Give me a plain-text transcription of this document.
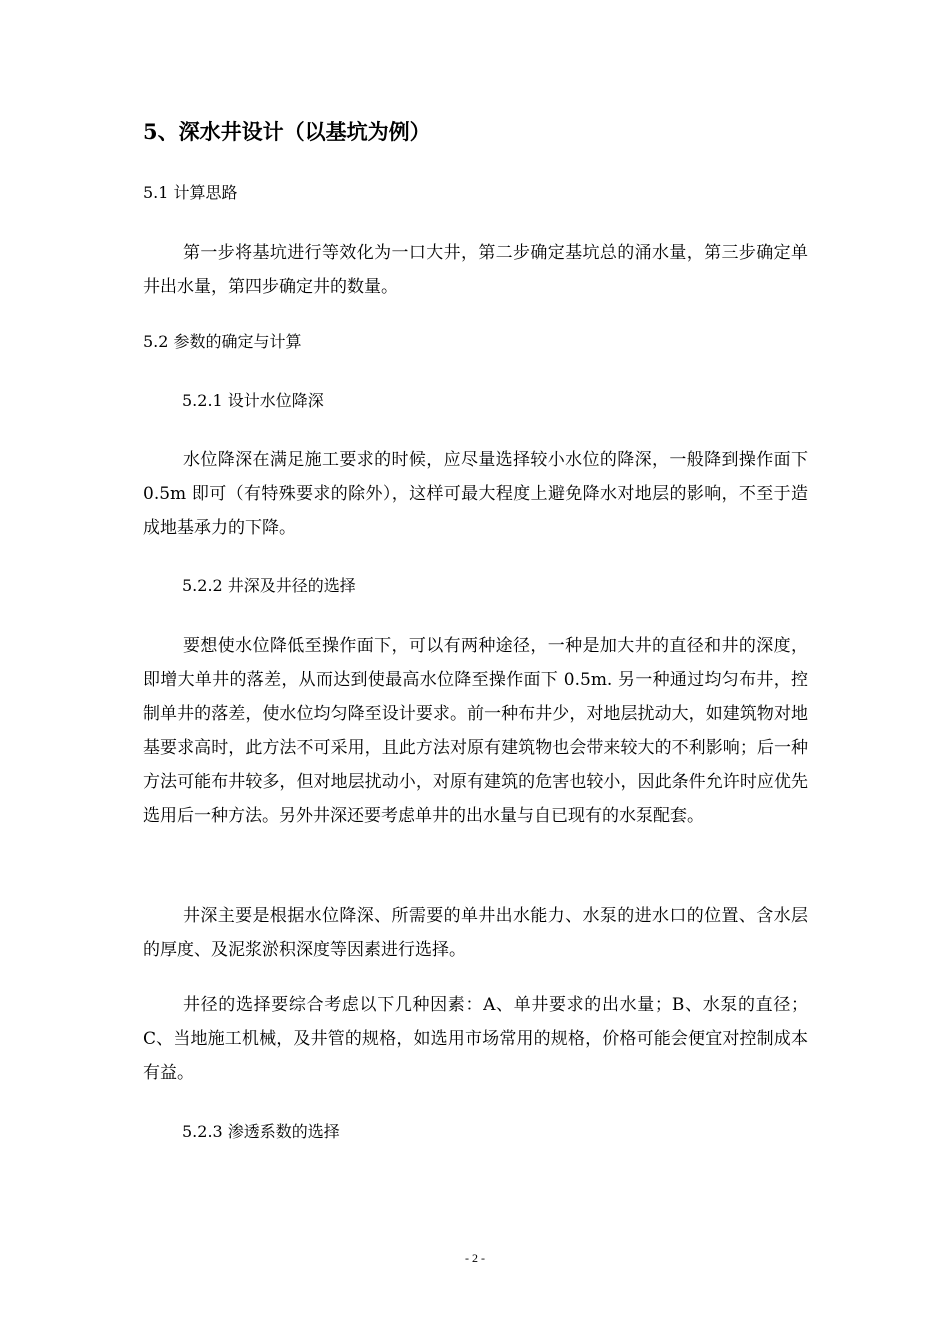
5、深水井设计（以基坑为例）
5.1 计算思路

第一步将基坑进行等效化为一口大井，第二步确定基坑总的涌水量，第三步确定单井出水量，第四步确定井的数量。

5.2 参数的确定与计算
5.2.1 设计水位降深

水位降深在满足施工要求的时候，应尽量选择较小水位的降深，一般降到操作面下 0.5m 即可（有特殊要求的除外），这样可最大程度上避免降水对地层的影响，不至于造成地基承力的下降。

5.2.2 井深及井径的选择

要想使水位降低至操作面下，可以有两种途径，一种是加大井的直径和井的深度，即增大单井的落差，从而达到使最高水位降至操作面下 0.5m. 另一种通过均匀布井，控制单井的落差，使水位均匀降至设计要求。前一种布井少，对地层扰动大，如建筑物对地基要求高时，此方法不可采用，且此方法对原有建筑物也会带来较大的不利影响；后一种方法可能布井较多，但对地层扰动小，对原有建筑的危害也较小，因此条件允许时应优先选用后一种方法。另外井深还要考虑单井的出水量与自已现有的水泵配套。

井深主要是根据水位降深、所需要的单井出水能力、水泵的进水口的位置、含水层的厚度、及泥浆淤积深度等因素进行选择。

井径的选择要综合考虑以下几种因素：A、单井要求的出水量；B、水泵的直径；C、当地施工机械，及井管的规格，如选用市场常用的规格，价格可能会便宜对控制成本有益。

5.2.3 渗透系数的选择
- 2 -
